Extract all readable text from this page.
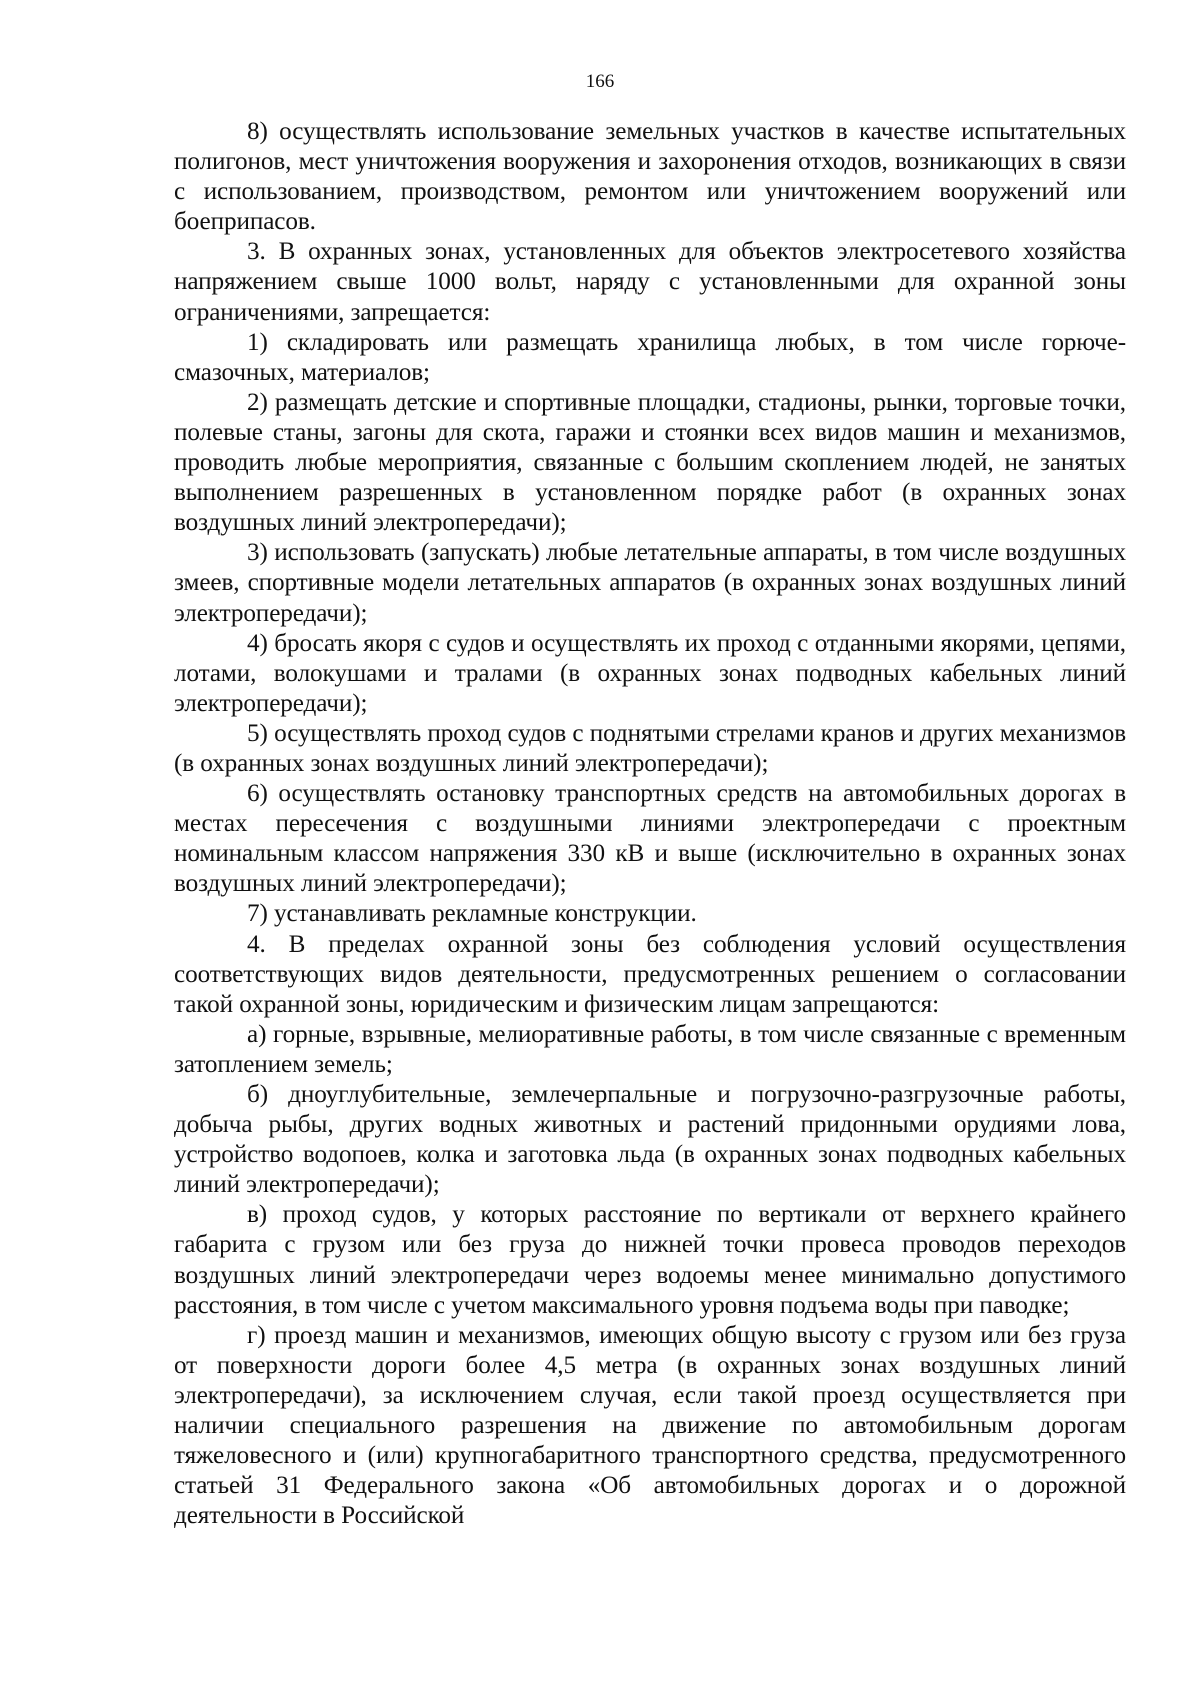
166

8) осуществлять использование земельных участков в качестве испытательных полигонов, мест уничтожения вооружения и захоронения отходов, возникающих в связи с использованием, производством, ремонтом или уничтожением вооружений или боеприпасов.

3. В охранных зонах, установленных для объектов электросетевого хозяйства напряжением свыше 1000 вольт, наряду с установленными для охранной зоны ограничениями, запрещается:

1) складировать или размещать хранилища любых, в том числе горюче-смазочных, материалов;

2) размещать детские и спортивные площадки, стадионы, рынки, торговые точки, полевые станы, загоны для скота, гаражи и стоянки всех видов машин и механизмов, проводить любые мероприятия, связанные с большим скоплением людей, не занятых выполнением разрешенных в установленном порядке работ (в охранных зонах воздушных линий электропередачи);

3) использовать (запускать) любые летательные аппараты, в том числе воздушных змеев, спортивные модели летательных аппаратов (в охранных зонах воздушных линий электропередачи);

4) бросать якоря с судов и осуществлять их проход с отданными якорями, цепями, лотами, волокушами и тралами (в охранных зонах подводных кабельных линий электропередачи);

5) осуществлять проход судов с поднятыми стрелами кранов и других механизмов (в охранных зонах воздушных линий электропередачи);

6) осуществлять остановку транспортных средств на автомобильных дорогах в местах пересечения с воздушными линиями электропередачи с проектным номинальным классом напряжения 330 кВ и выше (исключительно в охранных зонах воздушных линий электропередачи);

7) устанавливать рекламные конструкции.

4. В пределах охранной зоны без соблюдения условий осуществления соответствующих видов деятельности, предусмотренных решением о согласовании такой охранной зоны, юридическим и физическим лицам запрещаются:

а) горные, взрывные, мелиоративные работы, в том числе связанные с временным затоплением земель;

б) дноуглубительные, землечерпальные и погрузочно-разгрузочные работы, добыча рыбы, других водных животных и растений придонными орудиями лова, устройство водопоев, колка и заготовка льда (в охранных зонах подводных кабельных линий электропередачи);

в) проход судов, у которых расстояние по вертикали от верхнего крайнего габарита с грузом или без груза до нижней точки провеса проводов переходов воздушных линий электропередачи через водоемы менее минимально допустимого расстояния, в том числе с учетом максимального уровня подъема воды при паводке;

г) проезд машин и механизмов, имеющих общую высоту с грузом или без груза от поверхности дороги более 4,5 метра (в охранных зонах воздушных линий электропередачи), за исключением случая, если такой проезд осуществляется при наличии специального разрешения на движение по автомобильным дорогам тяжеловесного и (или) крупногабаритного транспортного средства, предусмотренного статьей 31 Федерального закона «Об автомобильных дорогах и о дорожной деятельности в Российской
